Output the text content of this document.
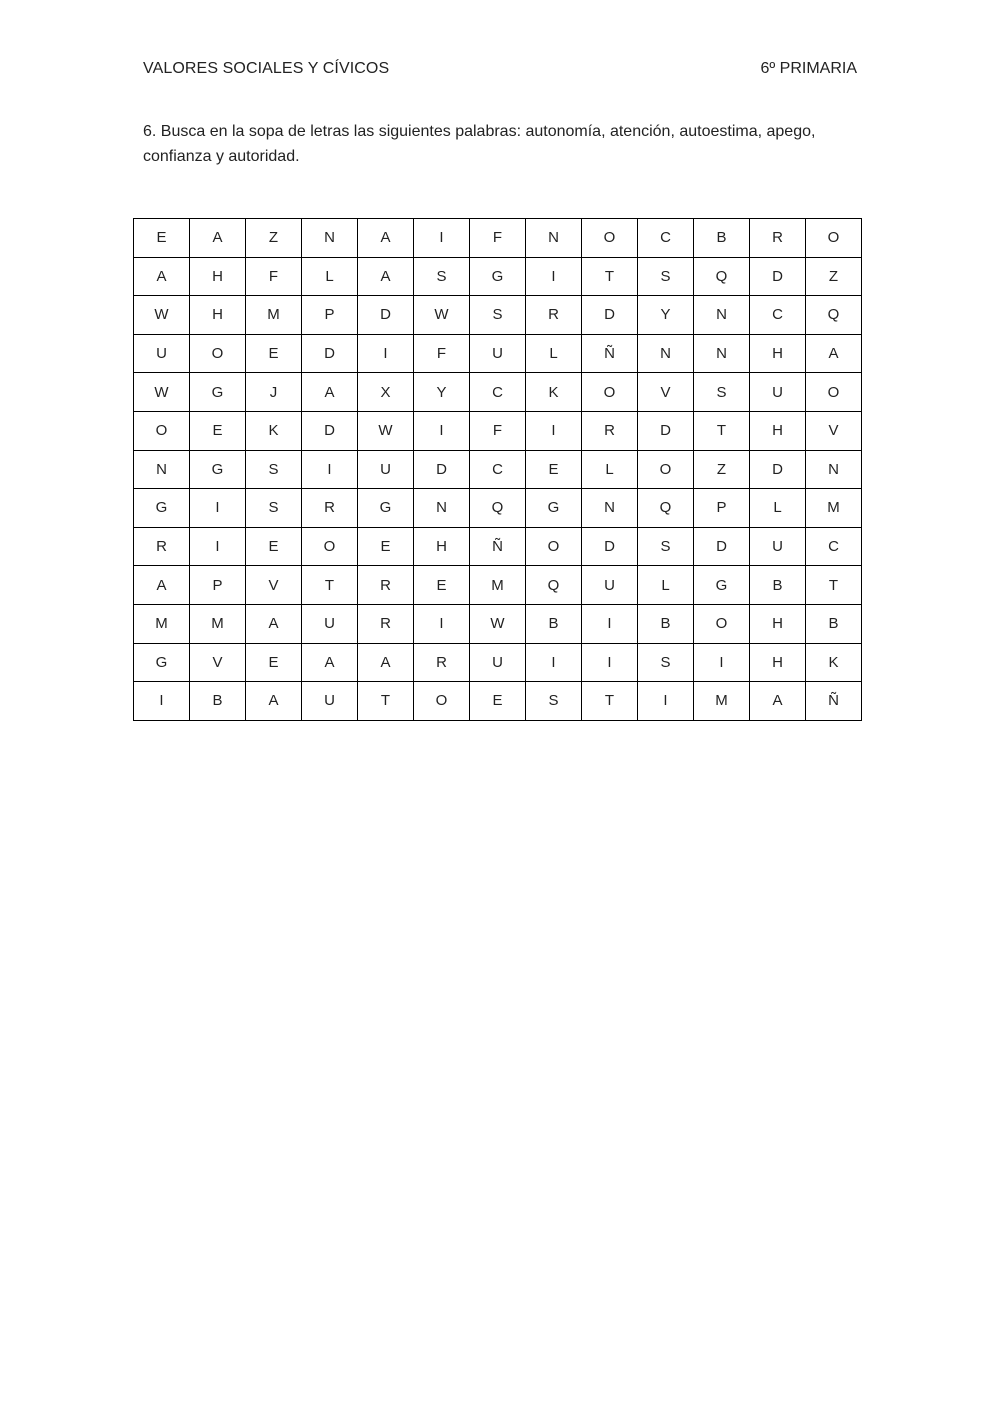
VALORES SOCIALES Y CÍVICOS	6º PRIMARIA
6. Busca en la sopa de letras las siguientes palabras: autonomía, atención, autoestima, apego,
confianza y autoridad.
E	A	Z	N	A	I	F	N	O	C	B	R	O
A	H	F	L	A	S	G	I	T	S	Q	D	Z
W	H	M	P	D	W	S	R	D	Y	N	C	Q
U	O	E	D	I	F	U	L	Ñ	N	N	H	A
W	G	J	A	X	Y	C	K	O	V	S	U	O
O	E	K	D	W	I	F	I	R	D	T	H	V
N	G	S	I	U	D	C	E	L	O	Z	D	N
G	I	S	R	G	N	Q	G	N	Q	P	L	M
R	I	E	O	E	H	Ñ	O	D	S	D	U	C
A	P	V	T	R	E	M	Q	U	L	G	B	T
M	M	A	U	R	I	W	B	I	B	O	H	B
G	V	E	A	A	R	U	I	I	S	I	H	K
I	B	A	U	T	O	E	S	T	I	M	A	Ñ
